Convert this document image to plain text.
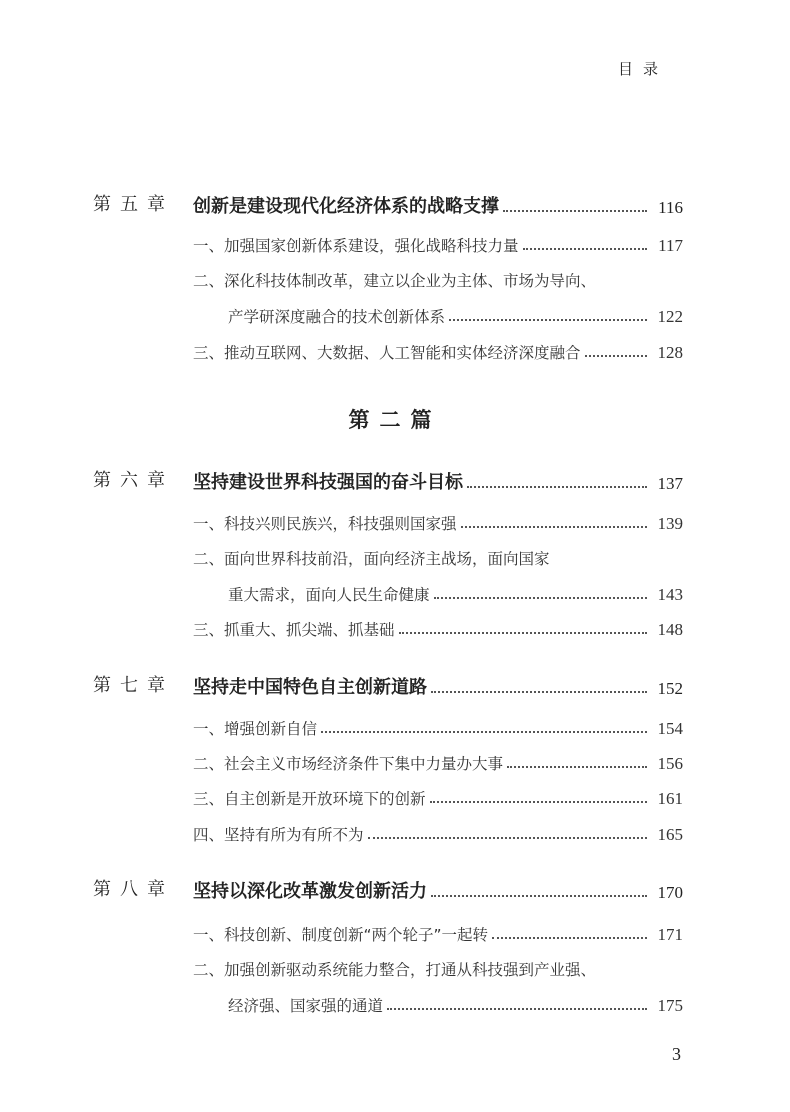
目录
第二篇
第五章 创新是建设现代化经济体系的战略支撑	116
一、加强国家创新体系建设，强化战略科技力量	117
二、深化科技体制改革，建立以企业为主体、市场为导向、
产学研深度融合的技术创新体系	122
三、推动互联网、大数据、人工智能和实体经济深度融合	128
第六章 坚持建设世界科技强国的奋斗目标	137
一、科技兴则民族兴，科技强则国家强	139
二、面向世界科技前沿，面向经济主战场，面向国家
重大需求，面向人民生命健康	143
三、抓重大、抓尖端、抓基础	148
第七章 坚持走中国特色自主创新道路	152
一、增强创新自信	154
二、社会主义市场经济条件下集中力量办大事	156
三、自主创新是开放环境下的创新	161
四、坚持有所为有所不为	165
第八章 坚持以深化改革激发创新活力	170
一、科技创新、制度创新“两个轮子”一起转	171
二、加强创新驱动系统能力整合，打通从科技强到产业强、
经济强、国家强的通道	175
3
